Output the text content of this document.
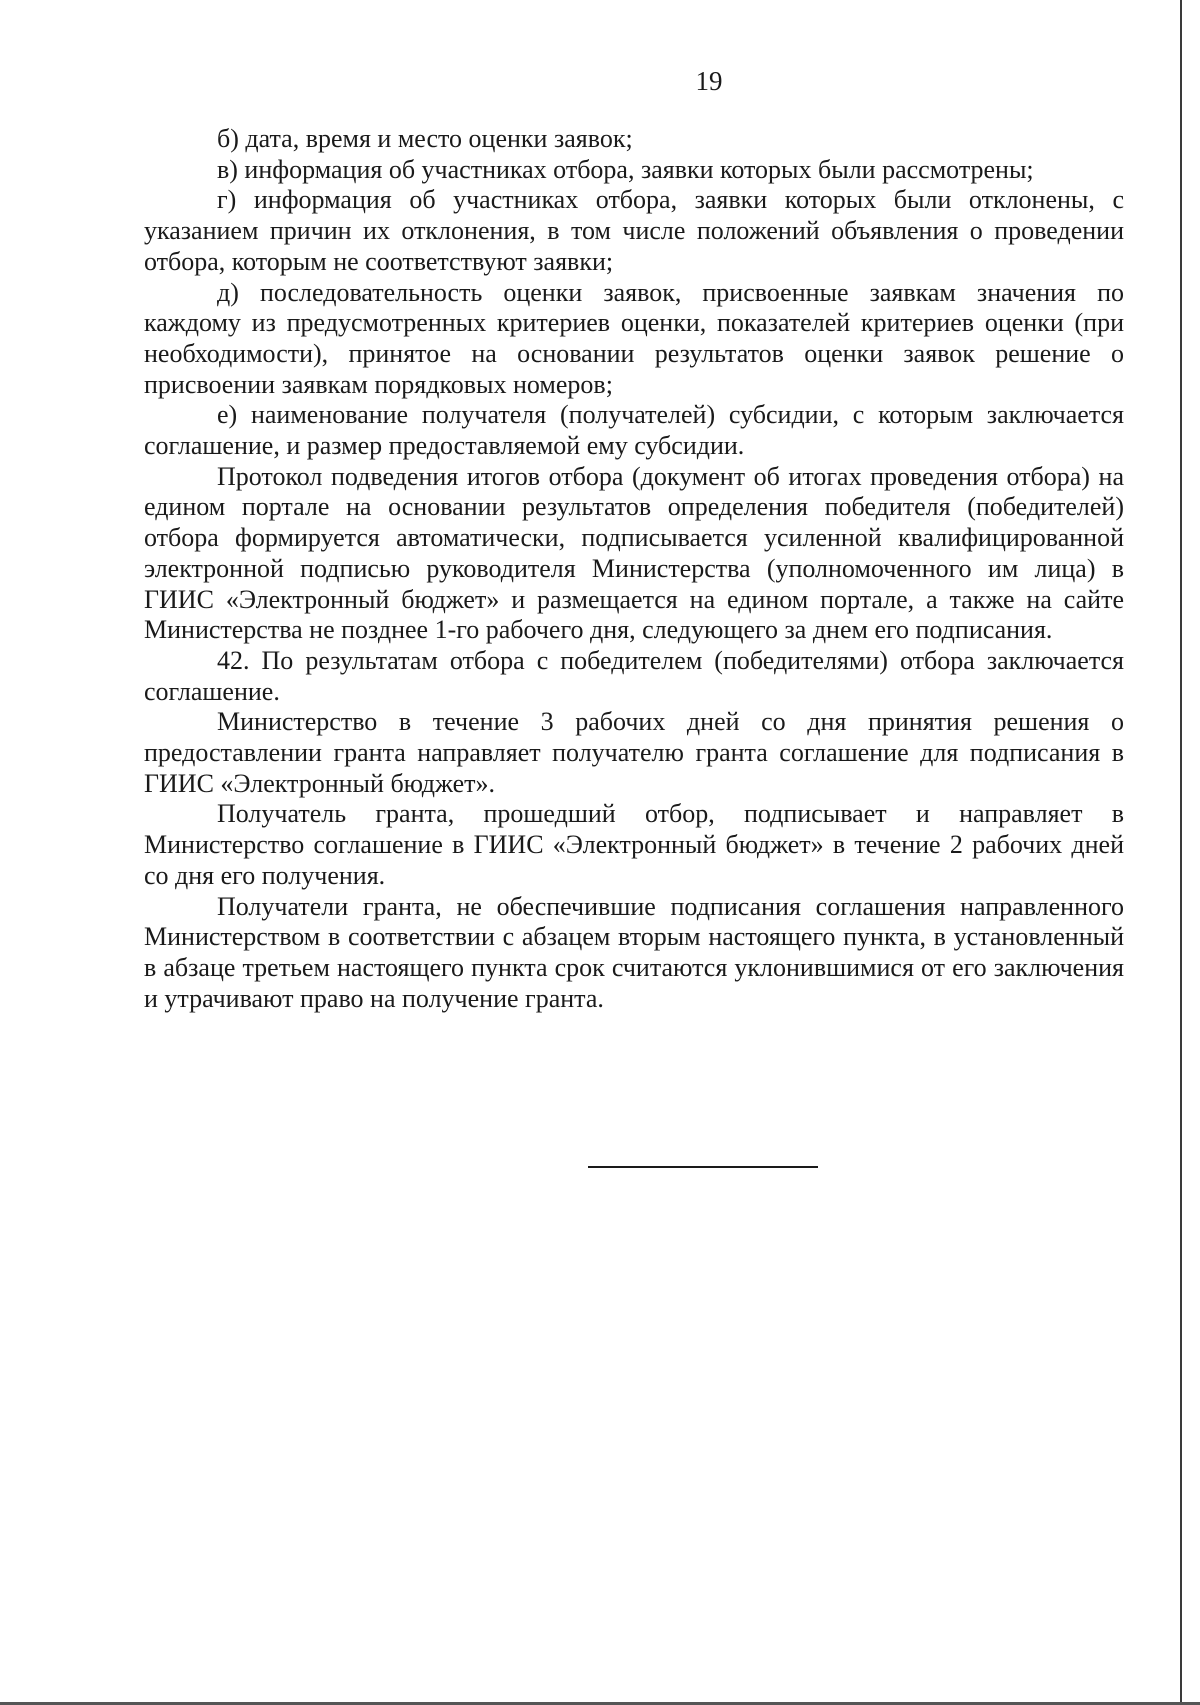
19

б) дата, время и место оценки заявок;

в) информация об участниках отбора, заявки которых были рассмотрены;

г) информация об участниках отбора, заявки которых были отклонены, с указанием причин их отклонения, в том числе положений объявления о проведении отбора, которым не соответствуют заявки;

д) последовательность оценки заявок, присвоенные заявкам значения по каждому из предусмотренных критериев оценки, показателей критериев оценки (при необходимости), принятое на основании результатов оценки заявок решение о присвоении заявкам порядковых номеров;

е) наименование получателя (получателей) субсидии, с которым заключается соглашение, и размер предоставляемой ему субсидии.

Протокол подведения итогов отбора (документ об итогах проведения отбора) на едином портале на основании результатов определения победителя (победителей) отбора формируется автоматически, подписывается усиленной квалифицированной электронной подписью руководителя Министерства (уполномоченного им лица) в ГИИС «Электронный бюджет» и размещается на едином портале, а также на сайте Министерства не позднее 1-го рабочего дня, следующего за днем его подписания.

42. По результатам отбора с победителем (победителями) отбора заключается соглашение.

Министерство в течение 3 рабочих дней со дня принятия решения о предоставлении гранта направляет получателю гранта соглашение для подписания в ГИИС «Электронный бюджет».

Получатель гранта, прошедший отбор, подписывает и направляет в Министерство соглашение в ГИИС «Электронный бюджет» в течение 2 рабочих дней со дня его получения.

Получатели гранта, не обеспечившие подписания соглашения направленного Министерством в соответствии с абзацем вторым настоящего пункта, в установленный в абзаце третьем настоящего пункта срок считаются уклонившимися от его заключения и утрачивают право на получение гранта.
